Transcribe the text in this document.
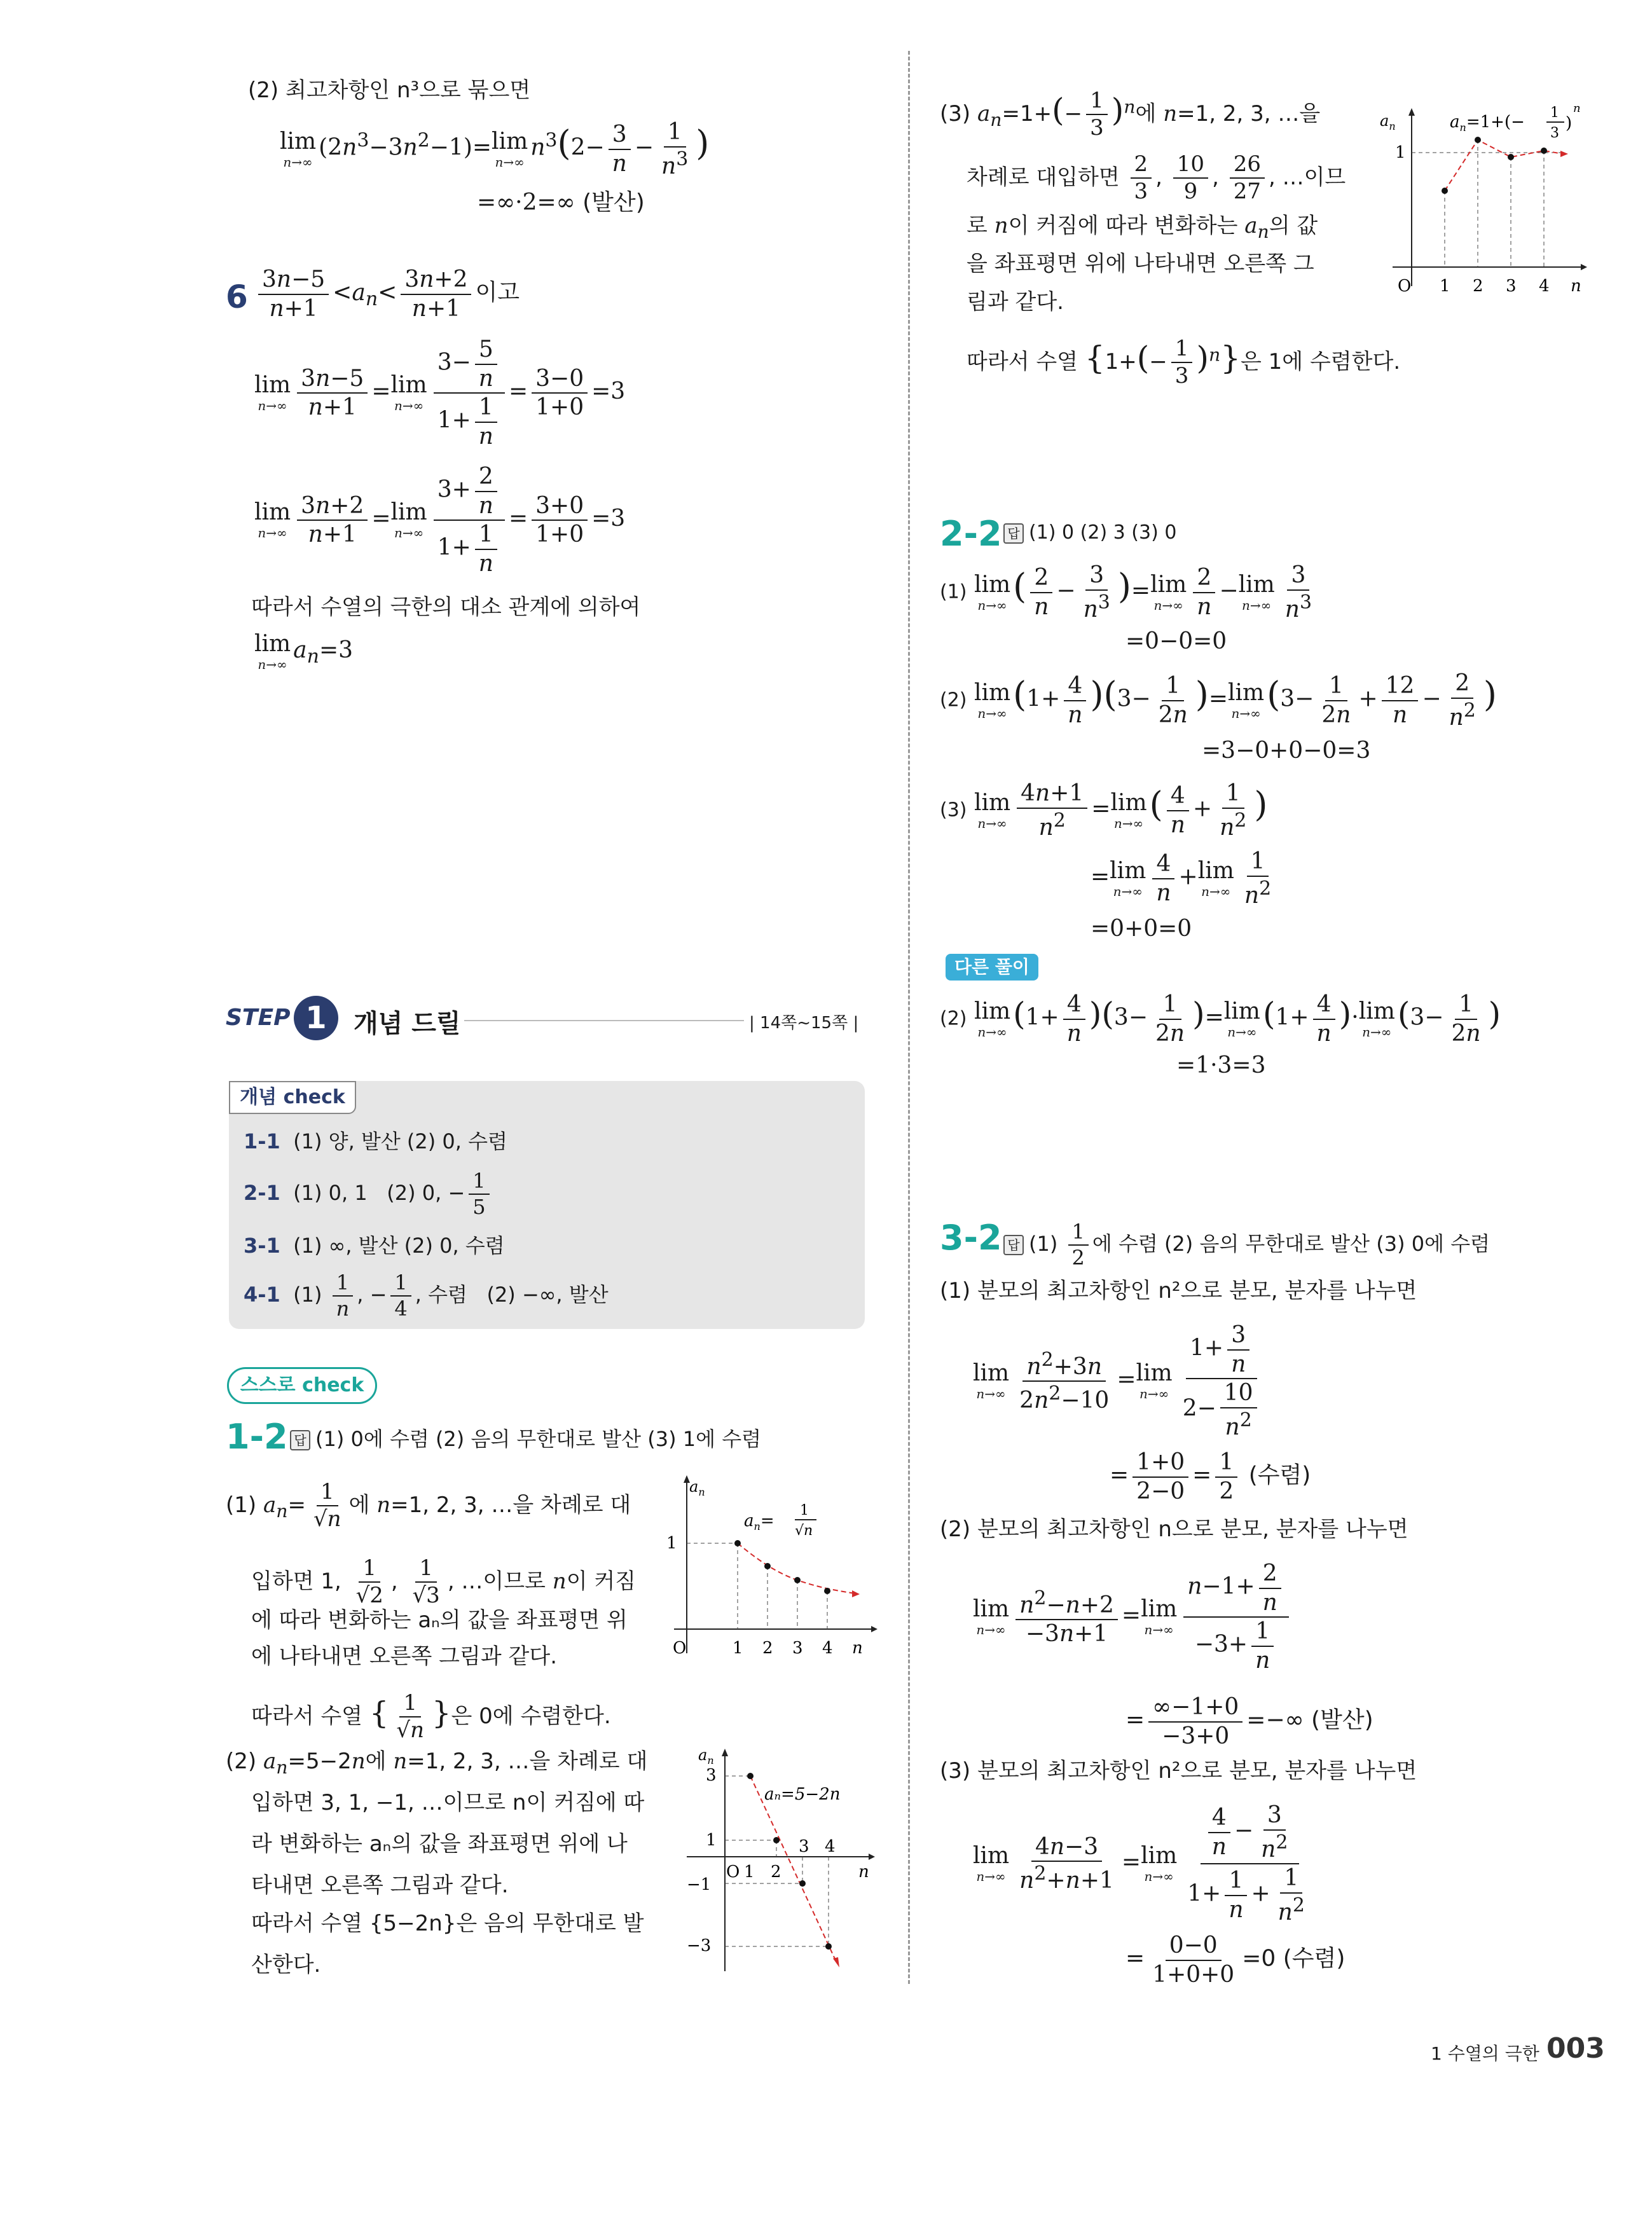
(2) 최고차항인 n³으로 묶으면
lim
n→∞
$(2n^3-3n^2-1)=\lim$
n→∞
$n^3(2- \frac{3}{n} - \frac{1}{n^3}$ )
=∞·2=∞ (발산)
$6 \frac{3n-5}{n+1} <a_n< \frac{3n+2}{n+1}$ 이고
lim
$n\to\infty \frac{3n-5}{n+1} =\lim$
$n\to\infty \frac{3- \frac{5}{n}}{1+ \frac{1}{n}} = \frac{3-0}{1+0} =3$
lim
$n\to\infty \frac{3n+2}{n+1} =\lim$
$n\to\infty \frac{3+ \frac{2}{n}}{1+ \frac{1}{n}} = \frac{3+0}{1+0} =3$
따라서 수열의 극한의 대소 관계에 의하여
lim
n→∞
$a_n=3$
STEP 1	개념 드릴	| 14쪽~15쪽 |
개념 check
1-1 (1) 양, 발산 (2) 0, 수렴
2-1  (1) 0, 1   (2) 0, − $\frac{1}{5}$
3-1 (1) ∞, 발산 (2) 0, 수렴
4-1  $(1) \frac{1}{n}$ , − $\frac{1}{4}$ , 수렴   (2) −∞, 발산
스스로 check
1-2 답 (1) 0에 수렴 (2) 음의 무한대로 발산 (3) 1에 수렴
(1) $a_n= \frac{1}{√n}$ 에 n=1, 2, 3, …을 차례로 대
입하면 1, $\frac{1}{√2}$ , $\frac{1}{√3}$ , …이므로 n이 커짐
에 따라 변화하는 aₙ의 값을 좌표평면 위
에 나타내면 오른쪽 그림과 같다.
따라서 수열 { $\frac{1}{√n}$ }은 0에 수렴한다.
$a_n$
O
1
1 2 3 4 n
$a_n=$
1
√n
(2) $a_n=5-2n$에 n=1, 2, 3, …을 차례로 대
입하면 3, 1, −1, …이므로 n이 커짐에 따
라 변화하는 aₙ의 값을 좌표평면 위에 나
타내면 오른쪽 그림과 같다.
따라서 수열 {5−2n}은 음의 무한대로 발
산한다.
$a_n$
3
1
−1
−3
O 1 2
3 4
n
aₙ=5−2n
(3) $a_n=1+(- \frac{1}{3} )^n$에 n=1, 2, 3, …을
차례로 대입하면 $\frac{2}{3}$ , $\frac{10}{9}$ , $\frac{26}{27}$ , …이므
로 n이 커짐에 따라 변화하는 $a_n$의 값
을 좌표평면 위에 나타내면 오른쪽 그
림과 같다.
따라서 수열 $\{1+(- \frac{1}{3} )^n\}$은 1에 수렴한다.
$a_n$
O
1
1 2 3 4 n
$a_n=1+(- 1$
3
)
n
2-2 답 (1) 0 (2) 3 (3) 0
(1) lim
n→∞ ( $\frac{2}{n} - \frac{3}{n^3} )=\lim$
$n\to\infty \frac{2}{n} -\lim$
$n\to\infty \frac{3}{n^3}$
=0−0=0
(2) lim
n→∞ $(1+ \frac{4}{n} )(3- \frac{1}{2n} )=\lim$
n→∞ ($3- \frac{1}{2n} + \frac{12}{n} - \frac{2}{n^2}$ )
=3−0+0−0=3
(3) lim
$n\to\infty \frac{4n+1}{n^2} =\lim$
n→∞ ( $\frac{4}{n} + \frac{1}{n^2}$ )
=lim
$n\to\infty \frac{4}{n} +\lim$
$n\to\infty \frac{1}{n^2}$
=0+0=0
다른 풀이
(2) lim
n→∞ $(1+ \frac{4}{n} )(3- \frac{1}{2n} )=\lim$
n→∞ $(1+ \frac{4}{n} )\cdot\lim$
n→∞ ($3- \frac{1}{2n}$ )
=1·3=3
3-2 답 $(1) \frac{1}{2}$ 에 수렴 (2) 음의 무한대로 발산 (3) 0에 수렴
(1) 분모의 최고차항인 n²으로 분모, 분자를 나누면
lim
$n\to\infty \frac{n^2+3n}{2n^2-10} =\lim$
$n\to\infty \frac{1+ \frac{3}{n}}{2- \frac{10}{n^2}}$
= $\frac{1+0}{2-0} = \frac{1}{2}$ (수렴)
(2) 분모의 최고차항인 n으로 분모, 분자를 나누면
lim
$n\to\infty \frac{n^2-n+2}{-3n+1} =\lim$
$n\to\infty \frac{n-1+ \frac{2}{n}}{-3+ \frac{1}{n}}$
= $\frac{\infty-1+0}{-3+0}$ =−∞ (발산)
(3) 분모의 최고차항인 n²으로 분모, 분자를 나누면
lim
$n\to\infty \frac{4n-3}{n^2+n+1} =\lim$
$n\to\infty \frac{\frac{4}{n} - \frac{3}{n^2}}{1+ \frac{1}{n} + \frac{1}{n^2}}$
= $\frac{0-0}{1+0+0} =0$ (수렴)
1 수열의 극한 003
